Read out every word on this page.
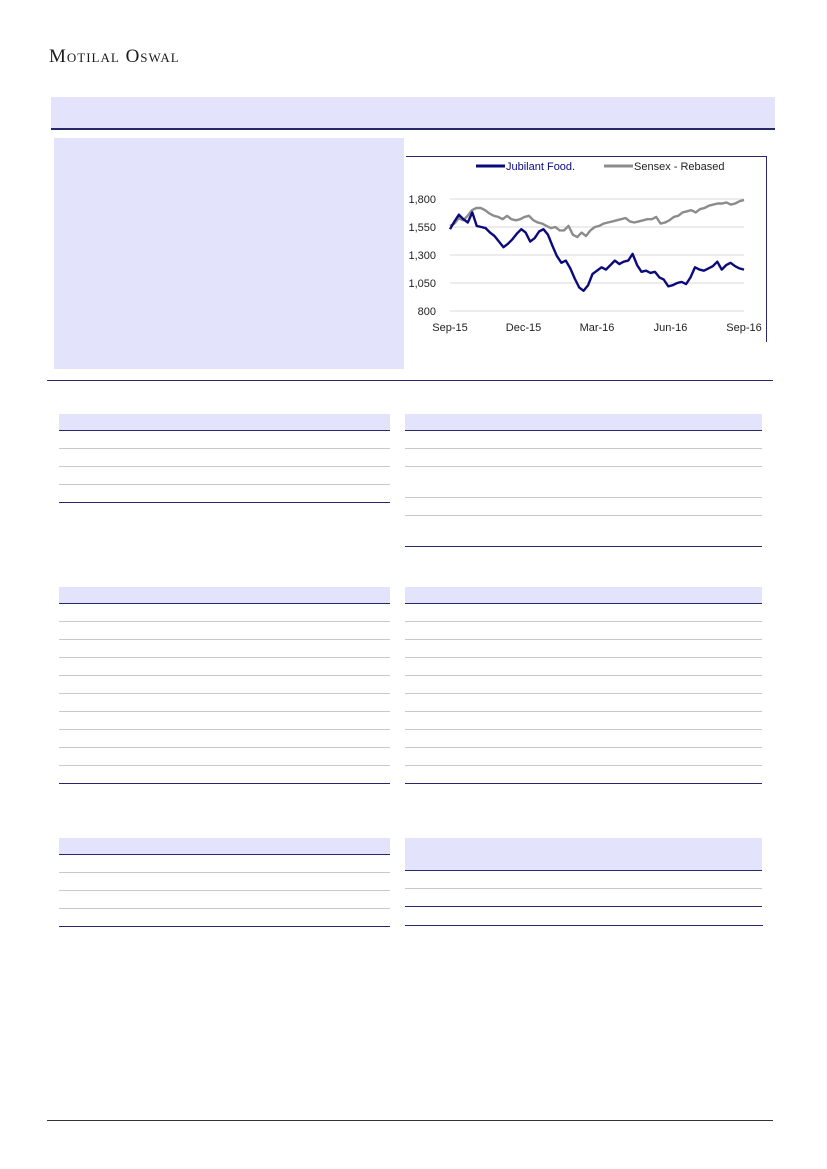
Motilal Oswal
1,800
1,550
1,300
1,050
800
Sep-15	Dec-15	Mar-16	Jun-16	Sep-16
Jubilant Food.	Sensex - Rebased
